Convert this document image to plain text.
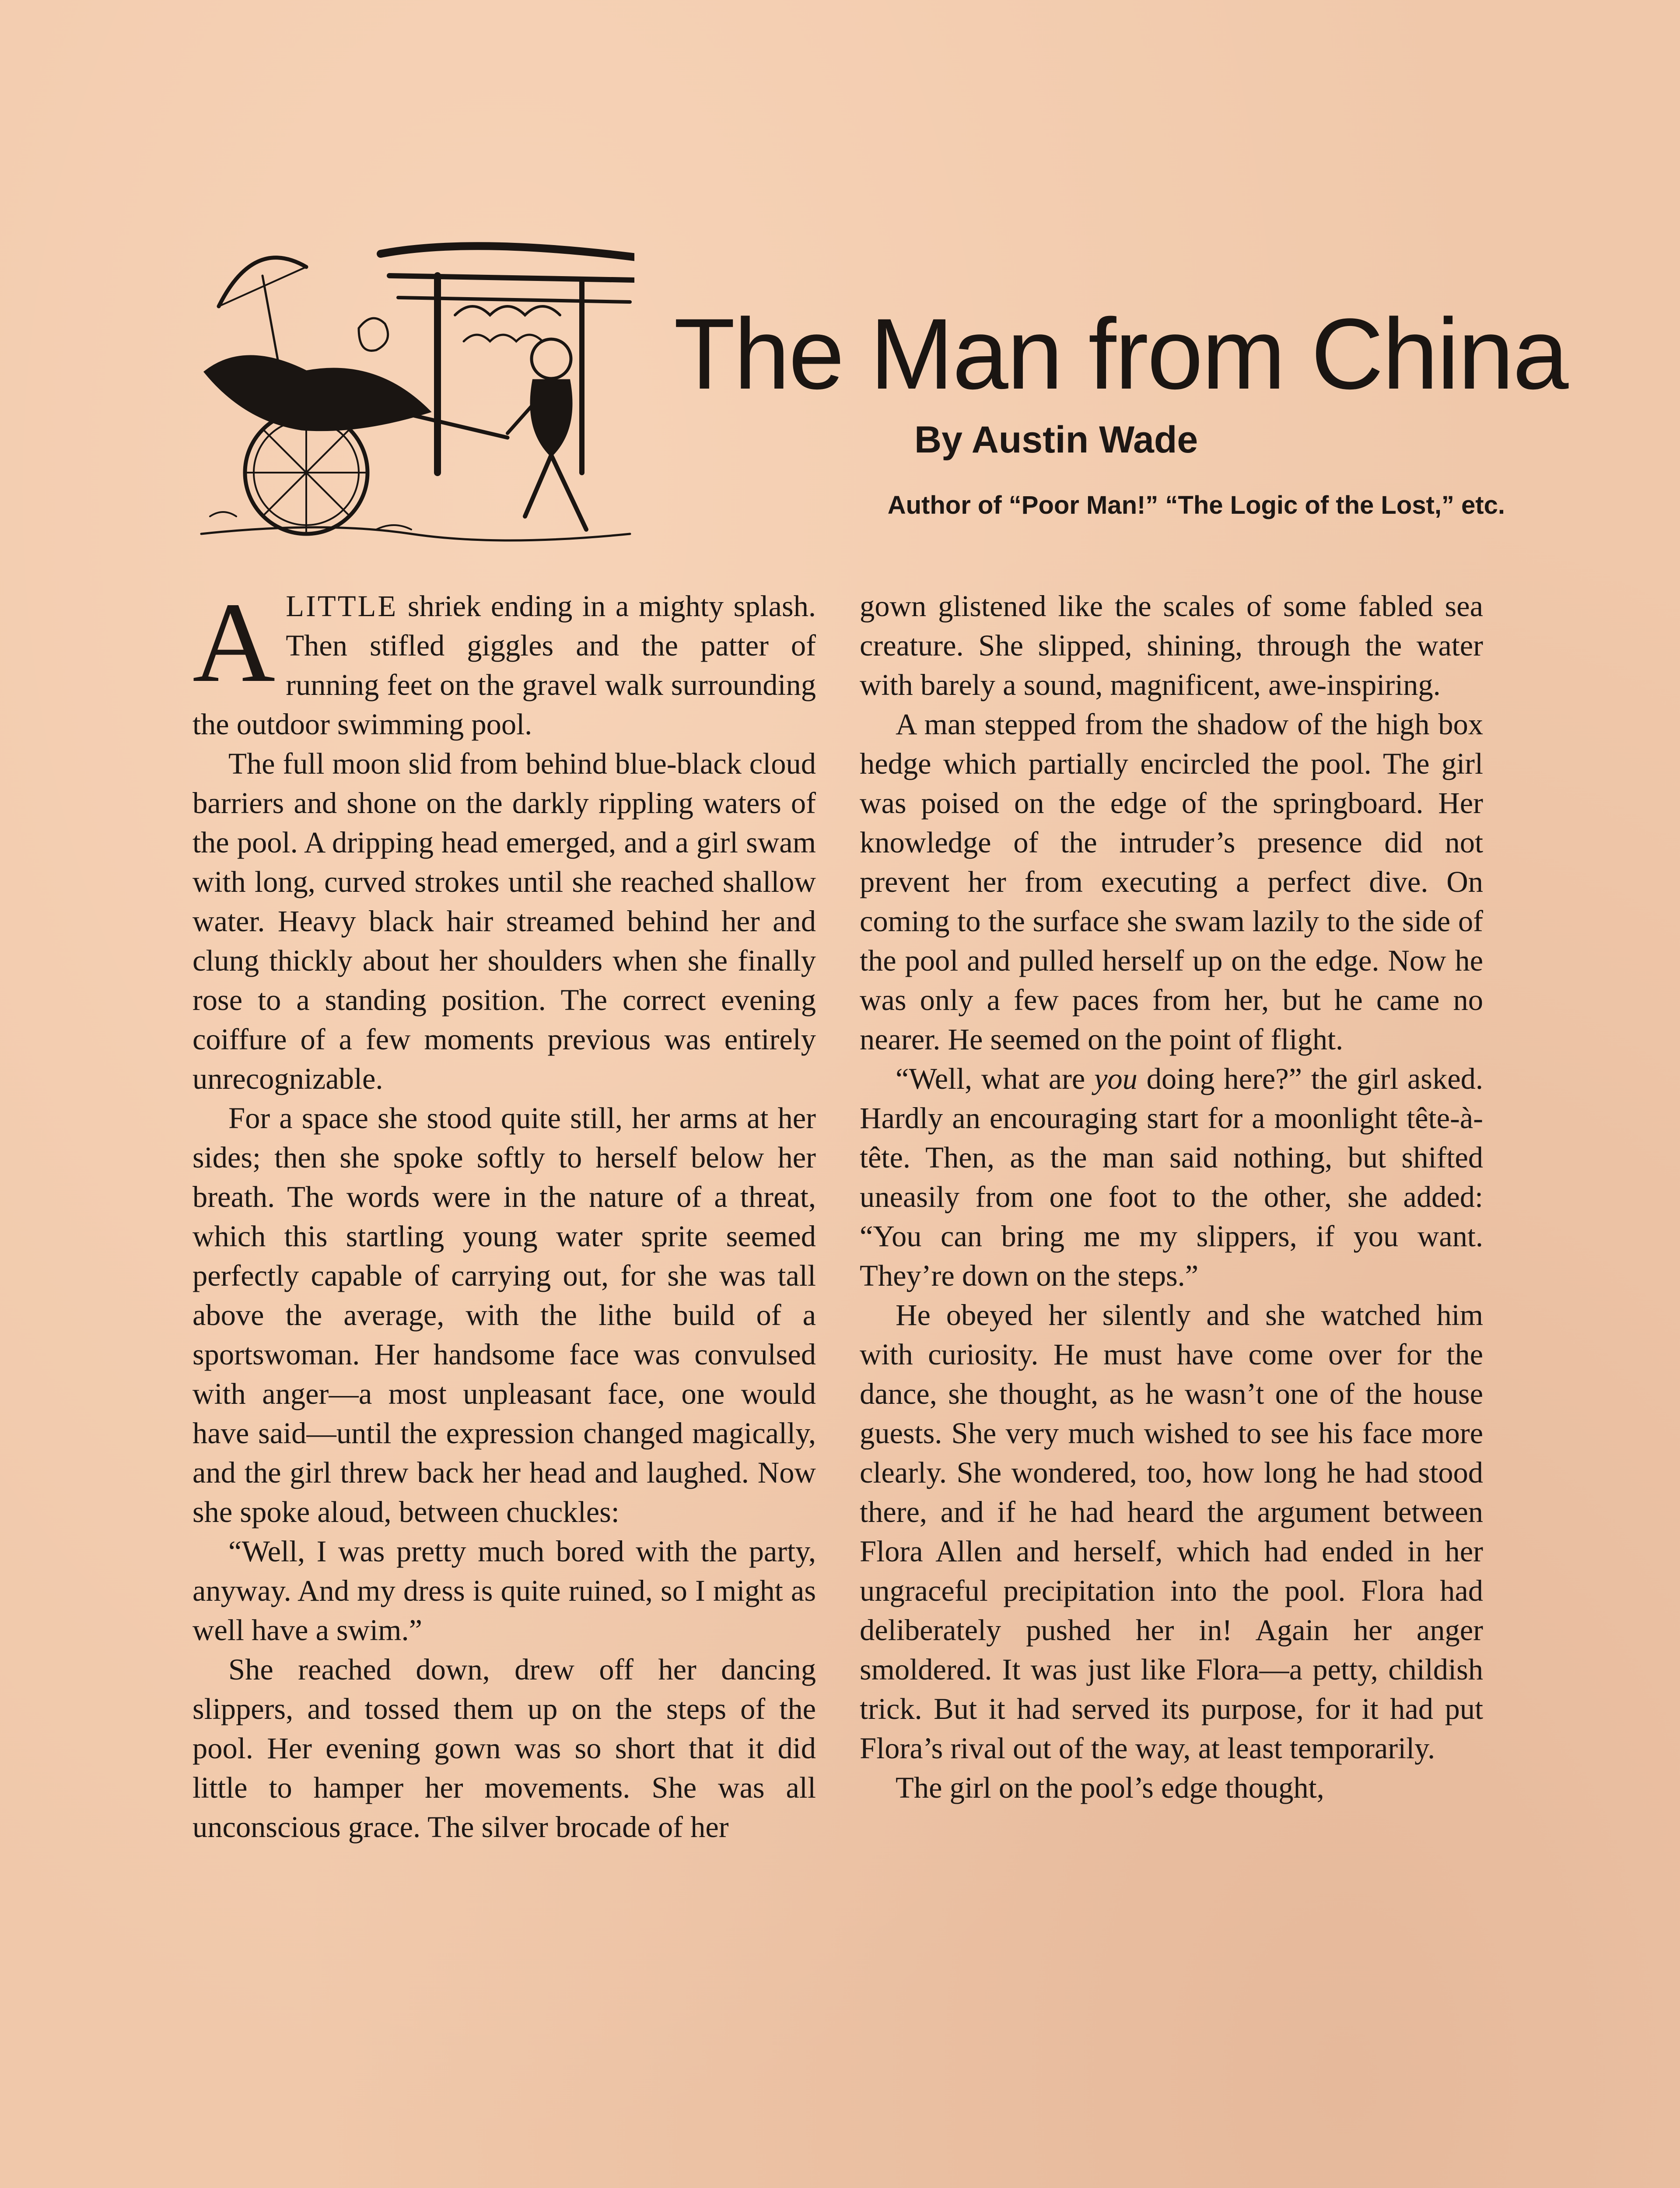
The Man from China
By Austin Wade
Author of “Poor Man!” “The Logic of the Lost,” etc.

ALITTLE shriek ending in a mighty splash. Then stifled giggles and the patter of running feet on the gravel walk surrounding the outdoor swimming pool.

The full moon slid from behind blue-black cloud barriers and shone on the darkly rippling waters of the pool. A dripping head emerged, and a girl swam with long, curved strokes until she reached shallow water. Heavy black hair streamed behind her and clung thickly about her shoulders when she finally rose to a standing position. The correct evening coiffure of a few moments previous was entirely unrecognizable.

For a space she stood quite still, her arms at her sides; then she spoke softly to herself below her breath. The words were in the nature of a threat, which this startling young water sprite seemed perfectly capable of carrying out, for she was tall above the average, with the lithe build of a sportswoman. Her handsome face was convulsed with anger—a most unpleasant face, one would have said—until the expression changed magically, and the girl threw back her head and laughed. Now she spoke aloud, between chuckles:

“Well, I was pretty much bored with the party, anyway. And my dress is quite ruined, so I might as well have a swim.”

She reached down, drew off her dancing slippers, and tossed them up on the steps of the pool. Her evening gown was so short that it did little to hamper her movements. She was all unconscious grace. The silver brocade of her

gown glistened like the scales of some fabled sea creature. She slipped, shining, through the water with barely a sound, magnificent, awe-inspiring.

A man stepped from the shadow of the high box hedge which partially encircled the pool. The girl was poised on the edge of the springboard. Her knowledge of the intruder’s presence did not prevent her from executing a perfect dive. On coming to the surface she swam lazily to the side of the pool and pulled herself up on the edge. Now he was only a few paces from her, but he came no nearer. He seemed on the point of flight.

“Well, what are you doing here?” the girl asked. Hardly an encouraging start for a moonlight tête-à-tête. Then, as the man said nothing, but shifted uneasily from one foot to the other, she added: “You can bring me my slippers, if you want. They’re down on the steps.”

He obeyed her silently and she watched him with curiosity. He must have come over for the dance, she thought, as he wasn’t one of the house guests. She very much wished to see his face more clearly. She wondered, too, how long he had stood there, and if he had heard the argument between Flora Allen and herself, which had ended in her ungraceful precipitation into the pool. Flora had deliberately pushed her in! Again her anger smoldered. It was just like Flora—a petty, childish trick. But it had served its purpose, for it had put Flora’s rival out of the way, at least temporarily.

The girl on the pool’s edge thought,
